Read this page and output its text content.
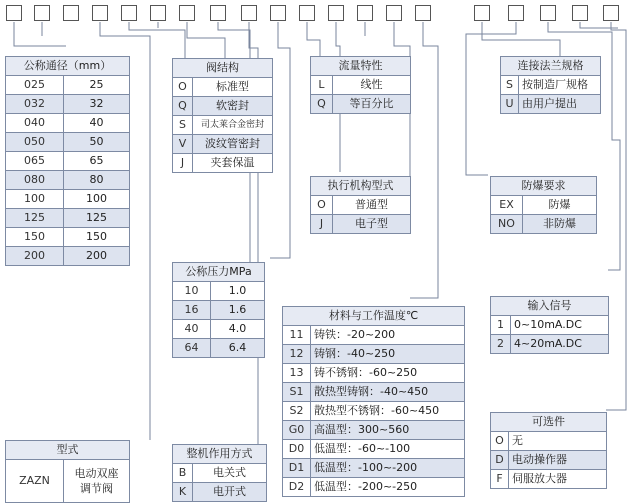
公称通径（mm）	
025	25
032	32
040	40
050	50
065	65
080	80
100	100
125	125
150	150
200	200
阀结构	
O	标准型
Q	软密封
S	司太莱合金密封
V	波纹管密封
J	夹套保温
公称压力MPa	
10	1.0
16	1.6
40	4.0
64	6.4
流量特性	
L	线性
Q	等百分比
执行机构型式	
O	普通型
J	电子型
材料与工作温度℃	
11	铸铁：-20~200
12	铸钢：-40~250
13	铸不锈钢：-60~250
S1	散热型铸钢：-40~450
S2	散热型不锈钢：-60~450
G0	高温型：300~560
D0	低温型：-60~-100
D1	低温型：-100~-200
D2	低温型：-200~-250
连接法兰规格	
S	按制造厂规格
U	由用户提出
防爆要求	
EX	防爆
NO	非防爆
输入信号	
1	0~10mA.DC
2	4~20mA.DC
可选件	
O	无
D	电动操作器
F	伺服放大器
型式
ZAZN	电动双座调节阀
整机作用方式	
B	电关式
K	电开式
